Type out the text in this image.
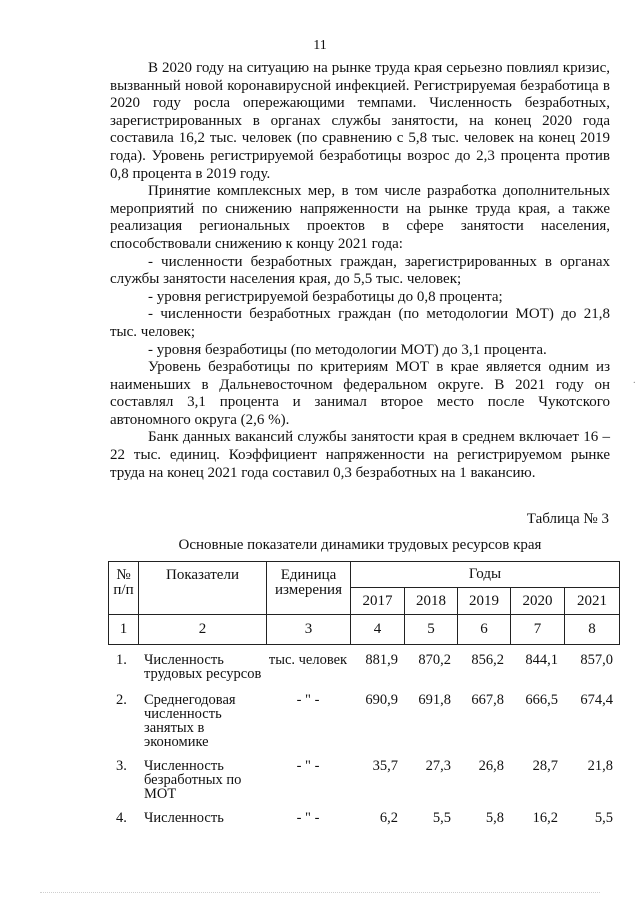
11

В 2020 году на ситуацию на рынке труда края серьезно повлиял кризис, вызванный новой коронавирусной инфекцией. Регистрируемая безработица в 2020 году росла опережающими темпами. Численность безработных, зарегистрированных в органах службы занятости, на конец 2020 года составила 16,2 тыс. человек (по сравнению с 5,8 тыс. человек на конец 2019 года). Уровень регистрируемой безработицы возрос до 2,3 процента против 0,8 процента в 2019 году.

Принятие комплексных мер, в том числе разработка дополнительных мероприятий по снижению напряженности на рынке труда края, а также реализация региональных проектов в сфере занятости населения, способствовали снижению к концу 2021 года:

- численности безработных граждан, зарегистрированных в органах службы занятости населения края, до 5,5 тыс. человек;

- уровня регистрируемой безработицы до 0,8 процента;

- численности безработных граждан (по методологии МОТ) до 21,8 тыс. человек;

- уровня безработицы (по методологии МОТ) до 3,1 процента.

Уровень безработицы по критериям МОТ в крае является одним из наименьших в Дальневосточном федеральном округе. В 2021 году он составлял 3,1 процента и занимал второе место после Чукотского автономного округа (2,6 %).

Банк данных вакансий службы занятости края в среднем включает 16 – 22 тыс. единиц. Коэффициент напряженности на регистрируемом рынке труда на конец 2021 года составил 0,3 безработных на 1 вакансию.

·
Таблица № 3
Основные показатели динамики трудовых ресурсов края
№ п/п	Показатели	Единица измерения	Годы				
			2017	2018	2019	2020	2021
1	2	3	4	5	6	7	8
1.	Численность трудовых ресурсов	тыс. человек	881,9	870,2	856,2	844,1	857,0
2.	Среднегодовая численность занятых в экономике	- " -	690,9	691,8	667,8	666,5	674,4
3.	Численность безработных по МОТ	- " -	35,7	27,3	26,8	28,7	21,8
4.	Численность	- " -	6,2	5,5	5,8	16,2	5,5
